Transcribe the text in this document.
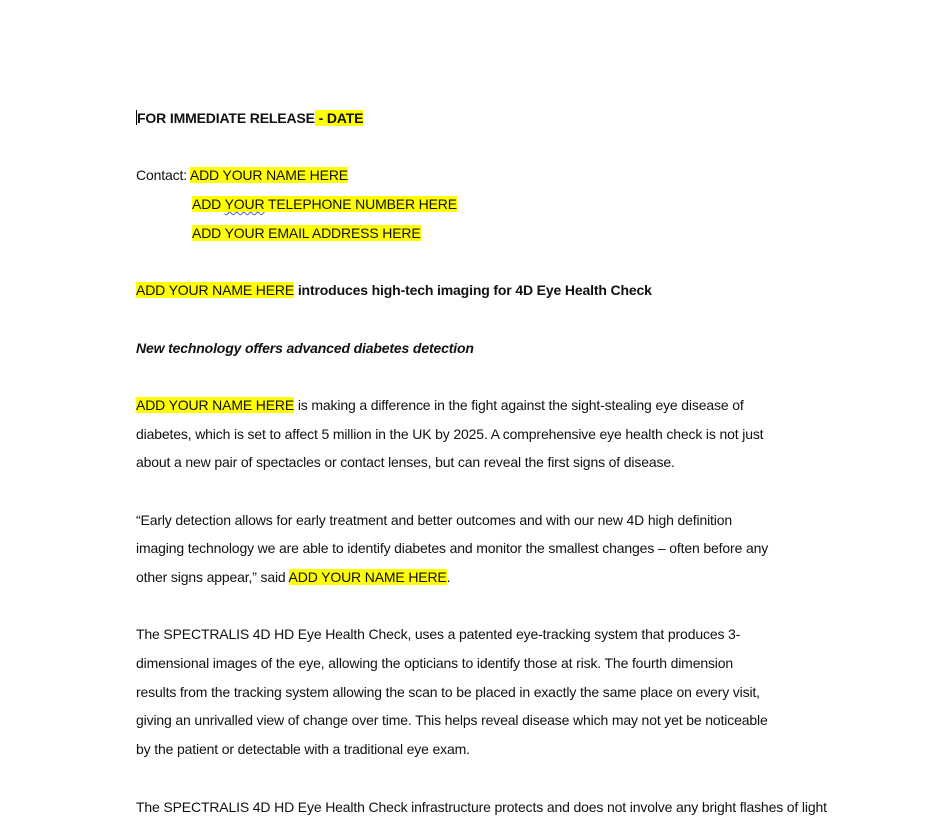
FOR IMMEDIATE RELEASE - DATE
Contact: ADD YOUR NAME HERE
ADD YOUR TELEPHONE NUMBER HERE
ADD YOUR EMAIL ADDRESS HERE
ADD YOUR NAME HERE introduces high-tech imaging for 4D Eye Health Check
New technology offers advanced diabetes detection
ADD YOUR NAME HERE is making a difference in the fight against the sight-stealing eye disease of
diabetes, which is set to affect 5 million in the UK by 2025. A comprehensive eye health check is not just
about a new pair of spectacles or contact lenses, but can reveal the first signs of disease.
“Early detection allows for early treatment and better outcomes and with our new 4D high definition
imaging technology we are able to identify diabetes and monitor the smallest changes – often before any
other signs appear,” said ADD YOUR NAME HERE.
The SPECTRALIS 4D HD Eye Health Check, uses a patented eye-tracking system that produces 3-
dimensional images of the eye, allowing the opticians to identify those at risk. The fourth dimension
results from the tracking system allowing the scan to be placed in exactly the same place on every visit,
giving an unrivalled view of change over time. This helps reveal disease which may not yet be noticeable
by the patient or detectable with a traditional eye exam.
The SPECTRALIS 4D HD Eye Health Check infrastructure protects and does not involve any bright flashes of light
